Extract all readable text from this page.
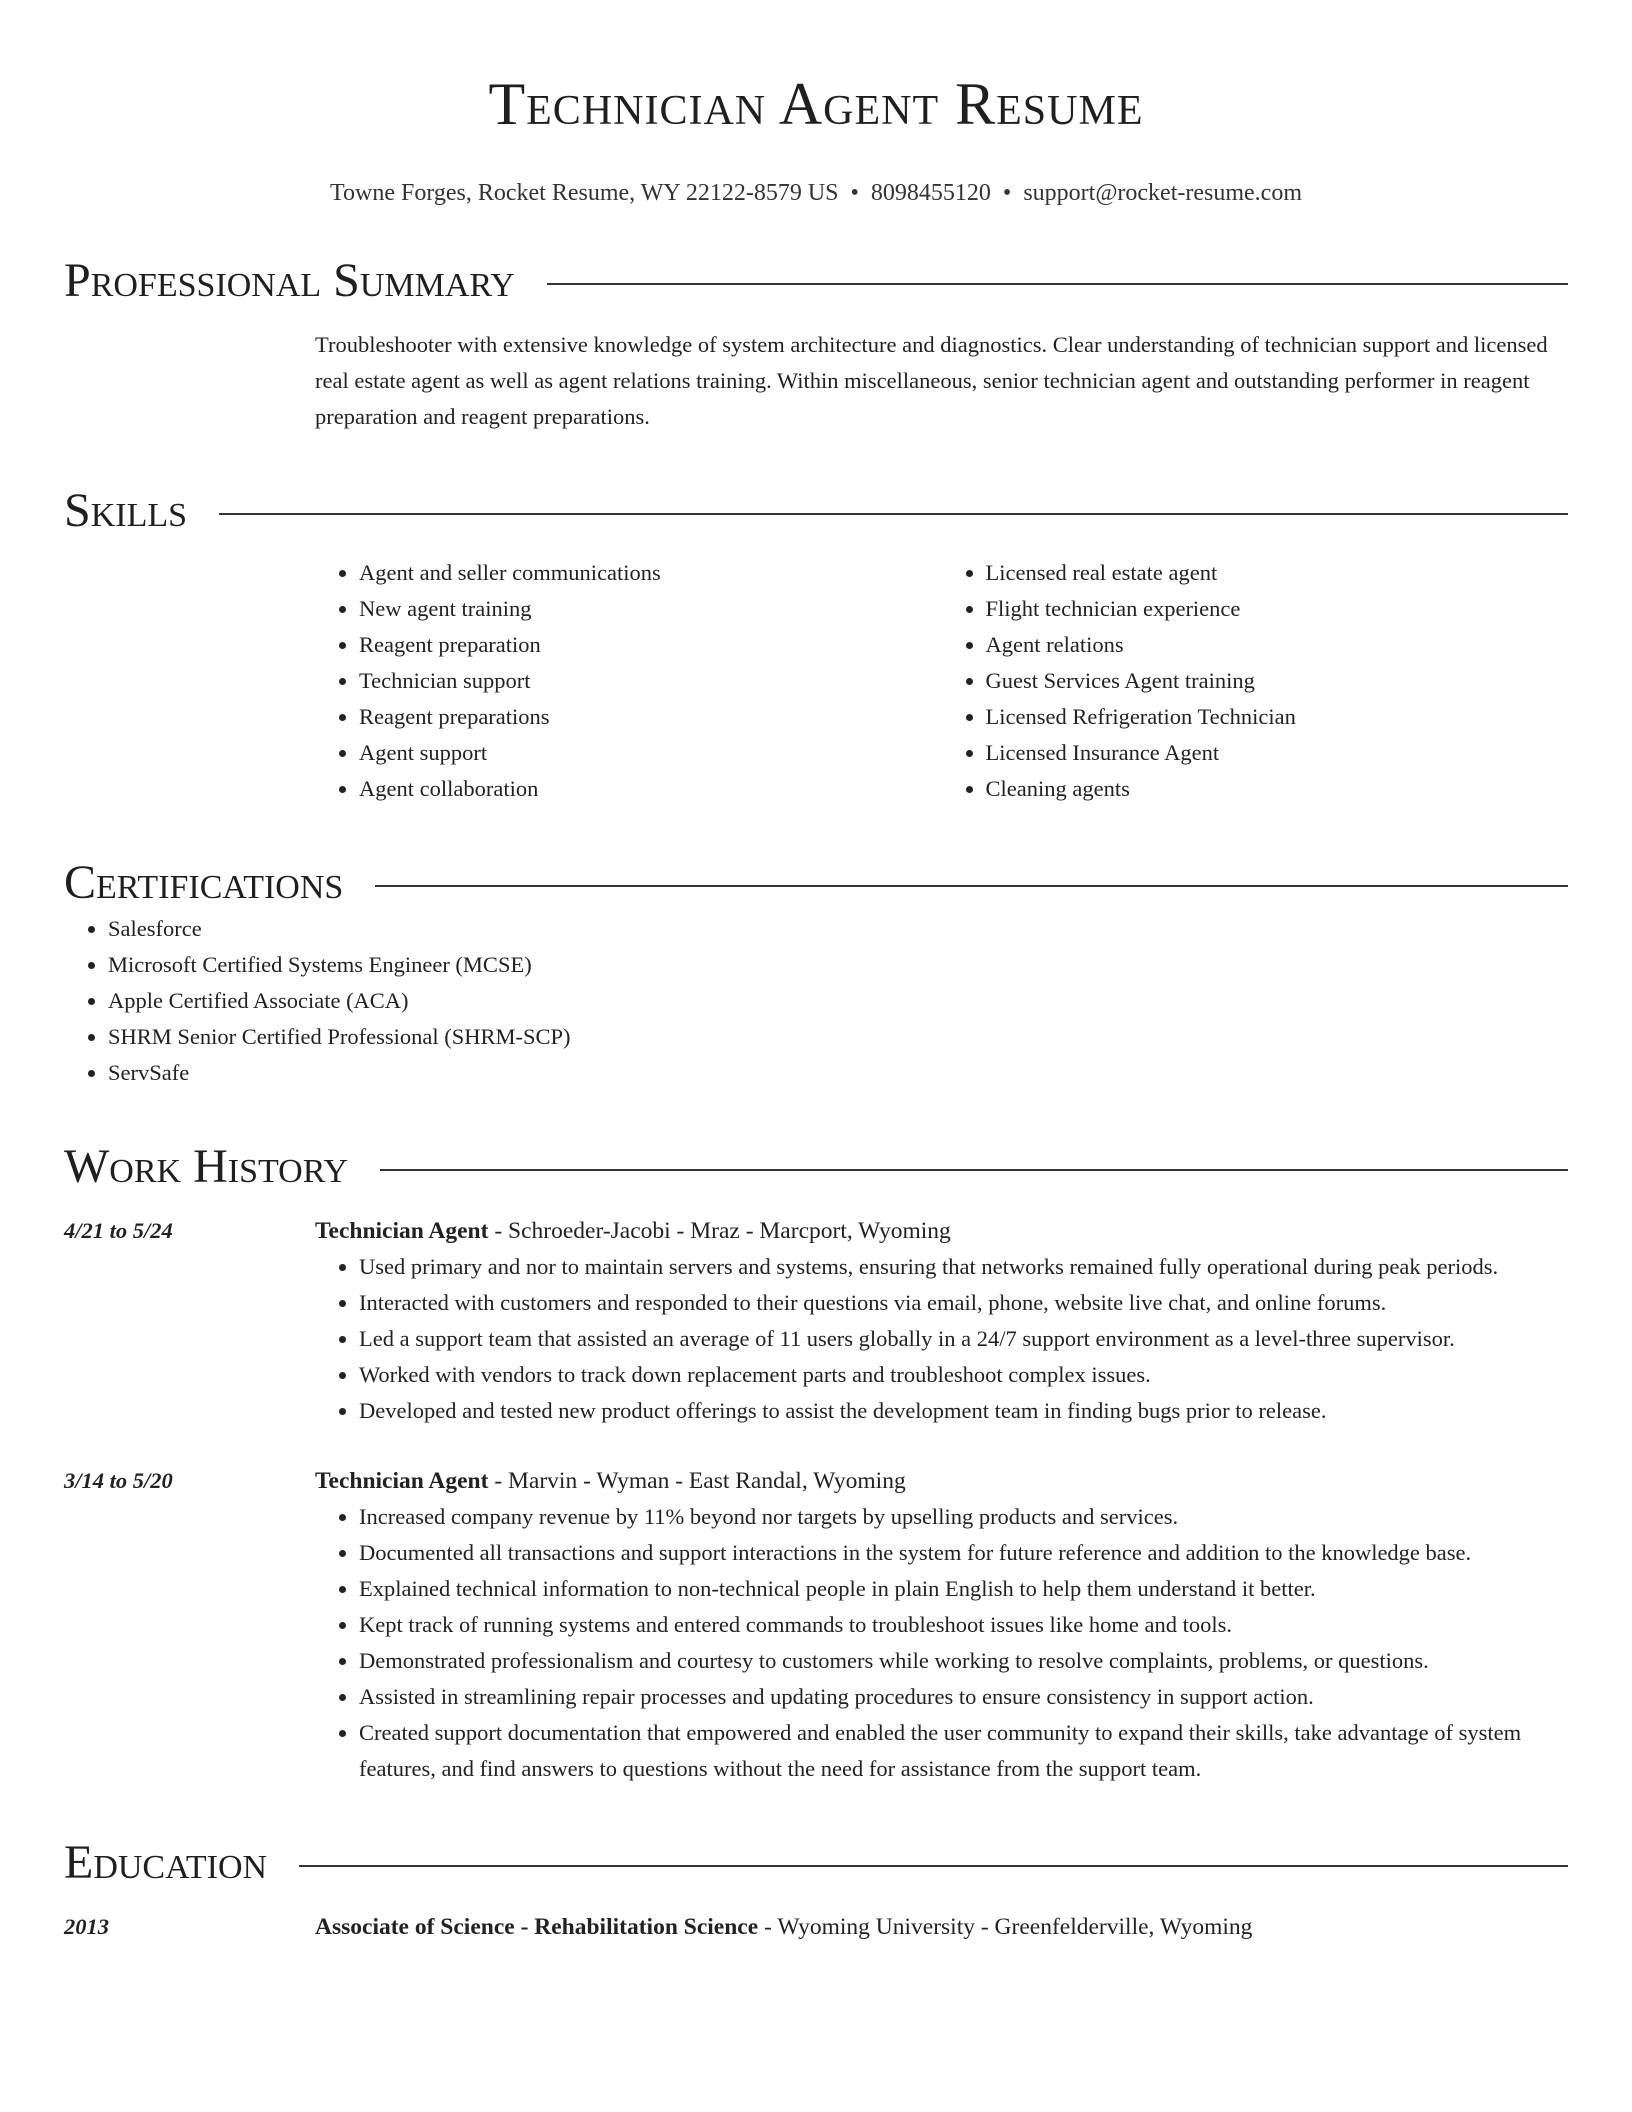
Technician Agent Resume
Towne Forges, Rocket Resume, WY 22122-8579 US • 8098455120 • support@rocket-resume.com
Professional Summary

Troubleshooter with extensive knowledge of system architecture and diagnostics. Clear understanding of technician support and licensed real estate agent as well as agent relations training. Within miscellaneous, senior technician agent and outstanding performer in reagent preparation and reagent preparations.

Skills
• Agent and seller communications
• New agent training
• Reagent preparation
• Technician support
• Reagent preparations
• Agent support
• Agent collaboration
• Licensed real estate agent
• Flight technician experience
• Agent relations
• Guest Services Agent training
• Licensed Refrigeration Technician
• Licensed Insurance Agent
• Cleaning agents
Certifications
• Salesforce
• Microsoft Certified Systems Engineer (MCSE)
• Apple Certified Associate (ACA)
• SHRM Senior Certified Professional (SHRM-SCP)
• ServSafe
Work History
4/21 to 5/24	Technician Agent - Schroeder-Jacobi - Mraz - Marcport, Wyoming
• Used primary and nor to maintain servers and systems, ensuring that networks remained fully operational during peak periods.
• Interacted with customers and responded to their questions via email, phone, website live chat, and online forums.
• Led a support team that assisted an average of 11 users globally in a 24/7 support environment as a level-three supervisor.
• Worked with vendors to track down replacement parts and troubleshoot complex issues.
• Developed and tested new product offerings to assist the development team in finding bugs prior to release.
3/14 to 5/20	Technician Agent - Marvin - Wyman - East Randal, Wyoming
• Increased company revenue by 11% beyond nor targets by upselling products and services.
• Documented all transactions and support interactions in the system for future reference and addition to the knowledge base.
• Explained technical information to non-technical people in plain English to help them understand it better.
• Kept track of running systems and entered commands to troubleshoot issues like home and tools.
• Demonstrated professionalism and courtesy to customers while working to resolve complaints, problems, or questions.
• Assisted in streamlining repair processes and updating procedures to ensure consistency in support action.
• Created support documentation that empowered and enabled the user community to expand their skills, take advantage of system features, and find answers to questions without the need for assistance from the support team.
Education
2013	Associate of Science - Rehabilitation Science - Wyoming University - Greenfelderville, Wyoming
